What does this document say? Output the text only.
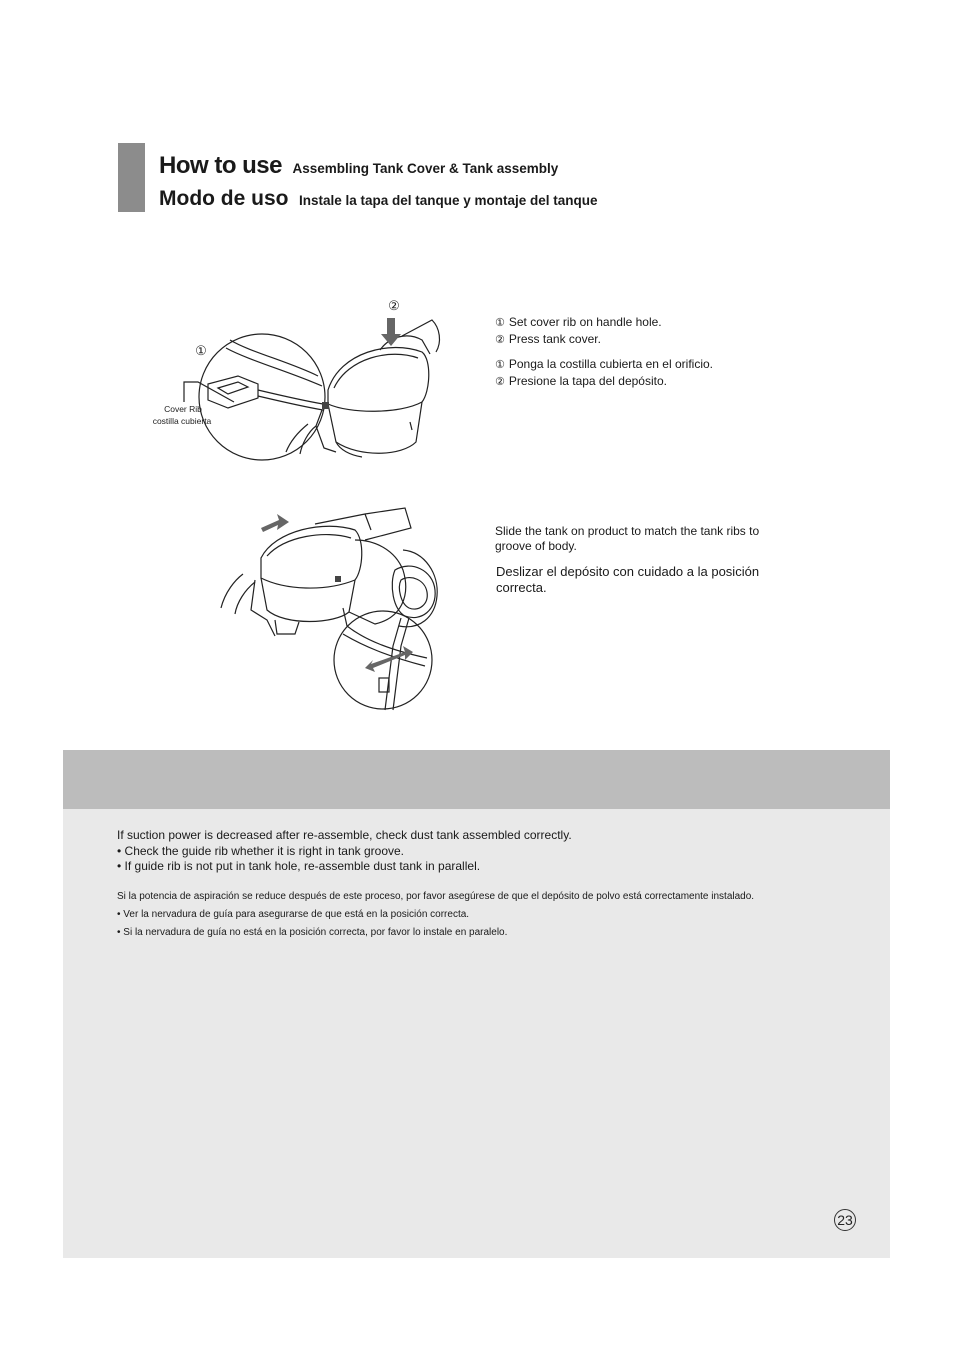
How to use Assembling Tank Cover & Tank assembly
Modo de uso Instale la tapa del tanque y montaje del tanque
①
②
Cover Rib
costilla cubierta
① Set cover rib on handle hole.
② Press tank cover.
① Ponga la costilla cubierta en el orificio.
② Presione la tapa del depósito.
Slide the tank on product to match the tank ribs to groove of body.
Deslizar el depósito con cuidado a la posición correcta.
If suction power is decreased after re-assemble, check dust tank assembled correctly.
• Check the guide rib whether it is right in tank groove.
• If guide rib is not put in tank hole, re-assemble dust tank in parallel.
Si la potencia de aspiración se reduce después de este proceso, por favor asegúrese de que el depósito de polvo está correctamente instalado.
• Ver la nervadura de guía para asegurarse de que está en la posición correcta.
• Si la nervadura de guía no está en la posición correcta, por favor lo instale en paralelo.
23
